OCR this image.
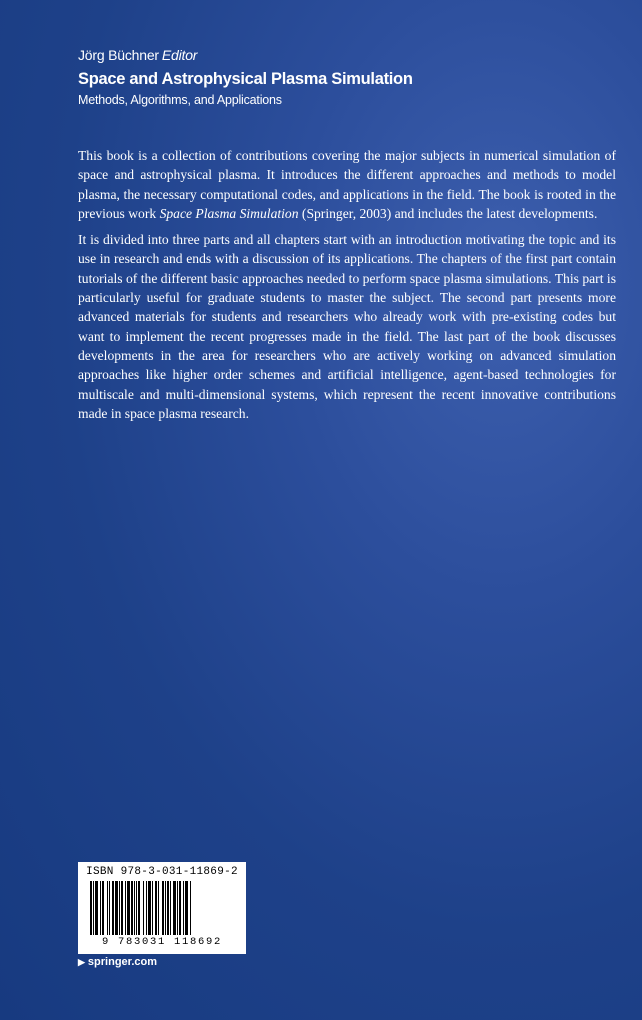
Jörg Büchner Editor
Space and Astrophysical Plasma Simulation
Methods, Algorithms, and Applications

This book is a collection of contributions covering the major subjects in numerical simulation of space and astrophysical plasma. It introduces the different approaches and methods to model plasma, the necessary computational codes, and applications in the field. The book is rooted in the previous work Space Plasma Simulation (Springer, 2003) and includes the latest developments.

It is divided into three parts and all chapters start with an introduction motivating the topic and its use in research and ends with a discussion of its applications. The chapters of the first part contain tutorials of the different basic approaches needed to perform space plasma simulations. This part is particularly useful for graduate students to master the subject. The second part presents more advanced materials for students and researchers who already work with pre-existing codes but want to implement the recent progresses made in the field. The last part of the book discusses developments in the area for researchers who are actively working on advanced simulation approaches like higher order schemes and artificial intelligence, agent-based technologies for multiscale and multi-dimensional systems, which represent the recent innovative contributions made in space plasma research.

ISBN 978-3-031-11869-2
9 783031 118692
▶ springer.com
